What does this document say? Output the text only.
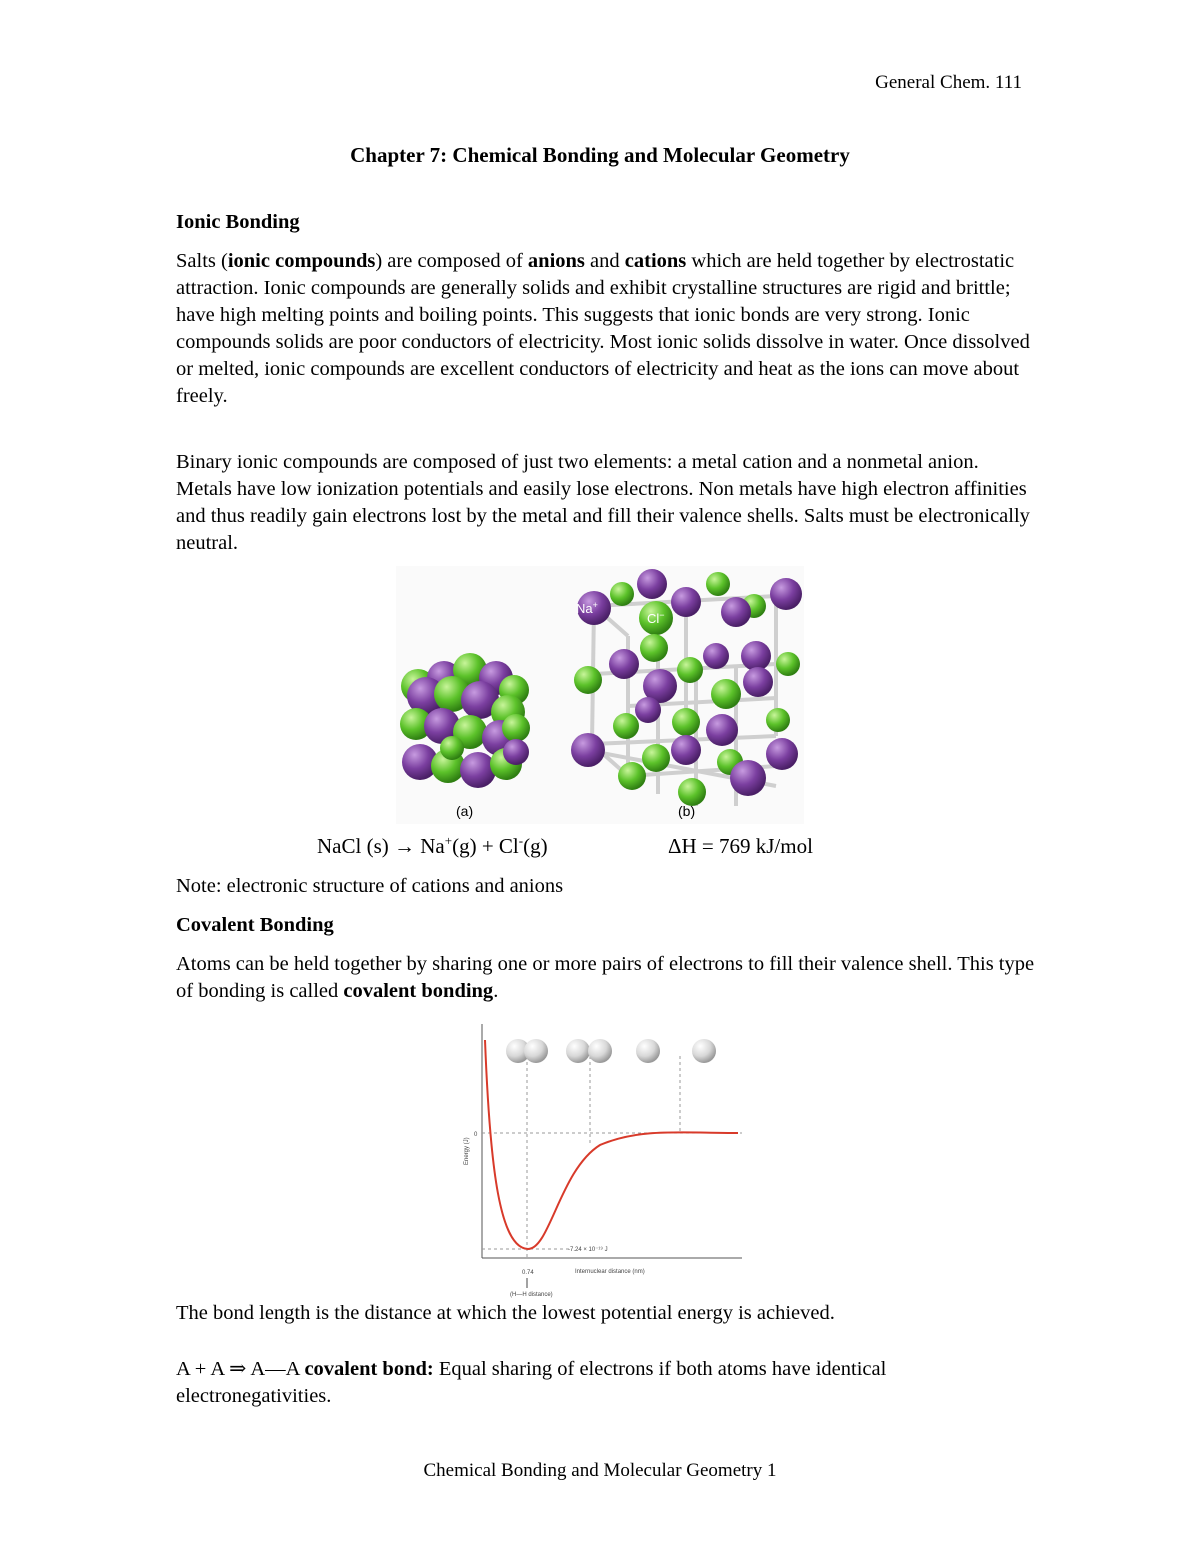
General Chem. 111
Chapter 7: Chemical Bonding and Molecular Geometry
Ionic Bonding
Salts (ionic compounds) are composed of anions and cations which are held together by electrostatic attraction. Ionic compounds are generally solids and exhibit crystalline structures are rigid and brittle; have high melting points and boiling points. This suggests that ionic bonds are very strong. Ionic compounds solids are poor conductors of electricity. Most ionic solids dissolve in water. Once dissolved or melted, ionic compounds are excellent conductors of electricity and heat as the ions can move about freely.
Binary ionic compounds are composed of just two elements: a metal cation and a nonmetal anion. Metals have low ionization potentials and easily lose electrons. Non metals have high electron affinities and thus readily gain electrons lost by the metal and fill their valence shells. Salts must be electronically neutral.
Na+
Cl−
(a)	(b)
NaCl (s) → Na+(g) + Cl-(g)	ΔH = 769 kJ/mol
Note: electronic structure of cations and anions
Covalent Bonding
Atoms can be held together by sharing one or more pairs of electrons to fill their valence shell. This type of bonding is called covalent bonding.
Energy (J)
Internuclear distance (nm)
0
-7.24 × 10⁻¹⁹ J
0.74
(H—H distance)
The bond length is the distance at which the lowest potential energy is achieved.
A + A ⇒ A—A covalent bond: Equal sharing of electrons if both atoms have identical electronegativities.
Chemical Bonding and Molecular Geometry 1
